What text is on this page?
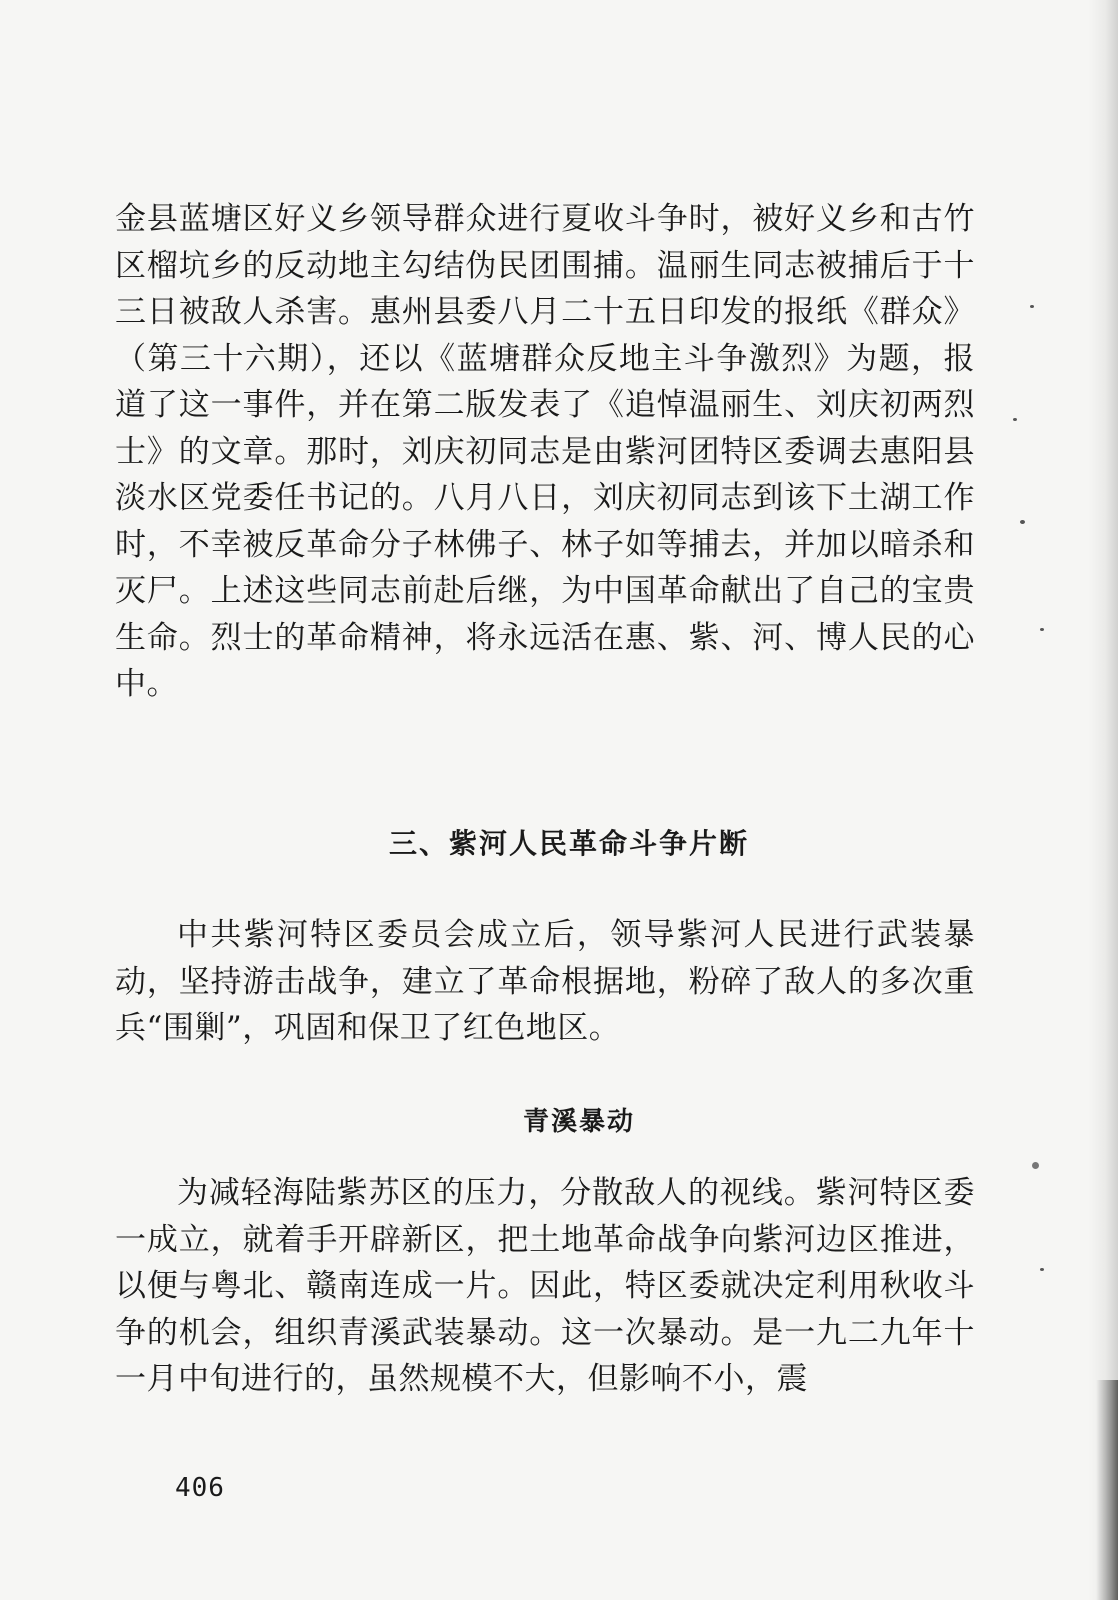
金县蓝塘区好义乡领导群众进行夏收斗争时，被好义乡和古竹区榴坑乡的反动地主勾结伪民团围捕。温丽生同志被捕后于十三日被敌人杀害。惠州县委八月二十五日印发的报纸《群众》（第三十六期），还以《蓝塘群众反地主斗争激烈》为题，报道了这一事件，并在第二版发表了《追悼温丽生、刘庆初两烈士》的文章。那时，刘庆初同志是由紫河团特区委调去惠阳县淡水区党委任书记的。八月八日，刘庆初同志到该下土湖工作时，不幸被反革命分子林佛子、林子如等捕去，并加以暗杀和灭尸。上述这些同志前赴后继，为中国革命献出了自己的宝贵生命。烈士的革命精神，将永远活在惠、紫、河、博人民的心中。

三、紫河人民革命斗争片断

中共紫河特区委员会成立后，领导紫河人民进行武装暴动，坚持游击战争，建立了革命根据地，粉碎了敌人的多次重兵“围剿”，巩固和保卫了红色地区。

青溪暴动

为减轻海陆紫苏区的压力，分散敌人的视线。紫河特区委一成立，就着手开辟新区，把土地革命战争向紫河边区推进，以便与粤北、赣南连成一片。因此，特区委就决定利用秋收斗争的机会，组织青溪武装暴动。这一次暴动。是一九二九年十一月中旬进行的，虽然规模不大，但影响不小，震

406
